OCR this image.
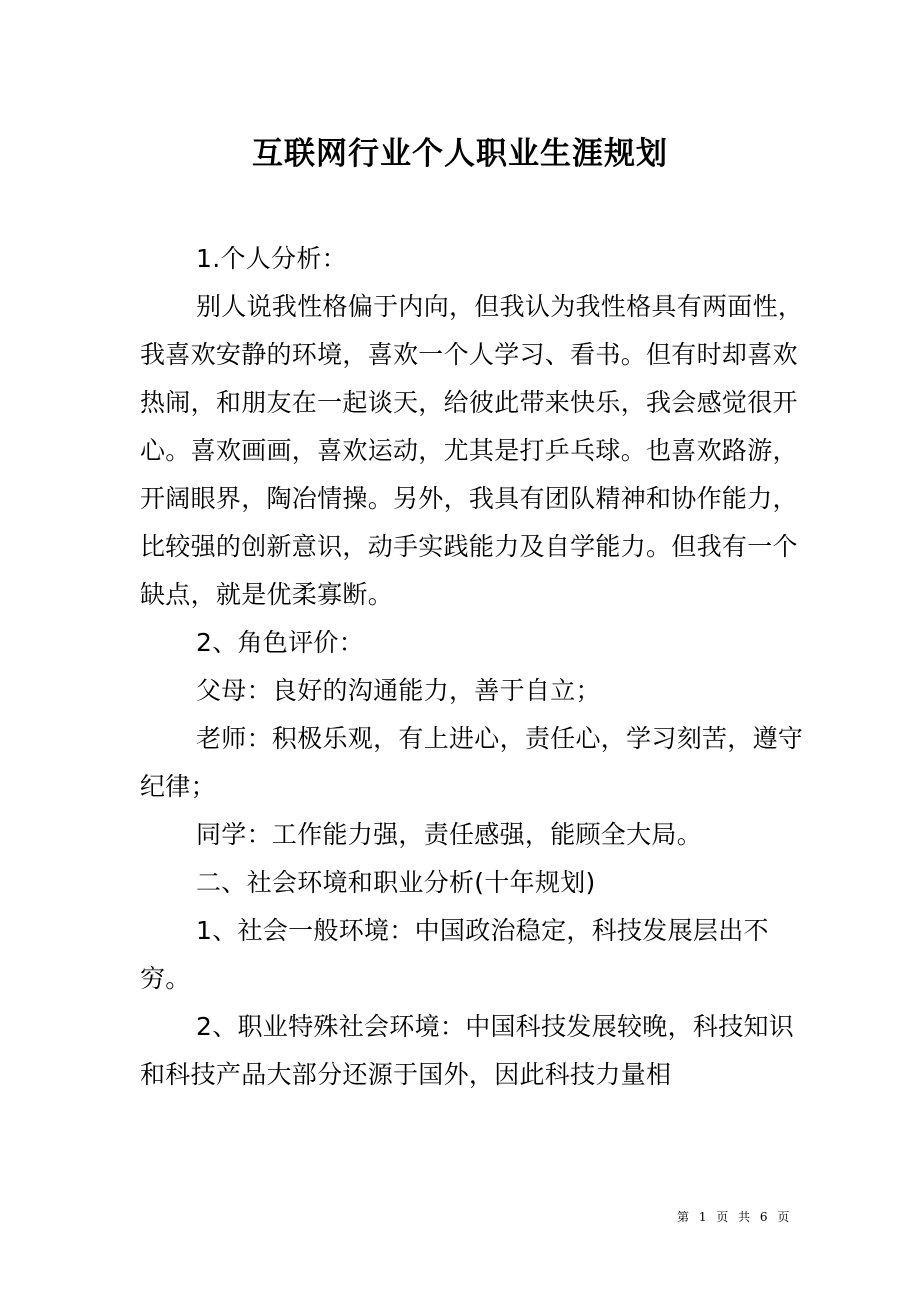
互联网行业个人职业生涯规划

1.个人分析：

别人说我性格偏于内向，但我认为我性格具有两面性，我喜欢安静的环境，喜欢一个人学习、看书。但有时却喜欢热闹，和朋友在一起谈天，给彼此带来快乐，我会感觉很开心。喜欢画画，喜欢运动，尤其是打乒乓球。也喜欢路游，开阔眼界，陶冶情操。另外，我具有团队精神和协作能力，比较强的创新意识，动手实践能力及自学能力。但我有一个缺点，就是优柔寡断。

2、角色评价：

父母：良好的沟通能力，善于自立；

老师：积极乐观，有上进心，责任心，学习刻苦，遵守纪律；

同学：工作能力强，责任感强，能顾全大局。

二、社会环境和职业分析(十年规划)

1、社会一般环境：中国政治稳定，科技发展层出不穷。

2、职业特殊社会环境：中国科技发展较晚，科技知识和科技产品大部分还源于国外，因此科技力量相

第 1 页 共 6 页
